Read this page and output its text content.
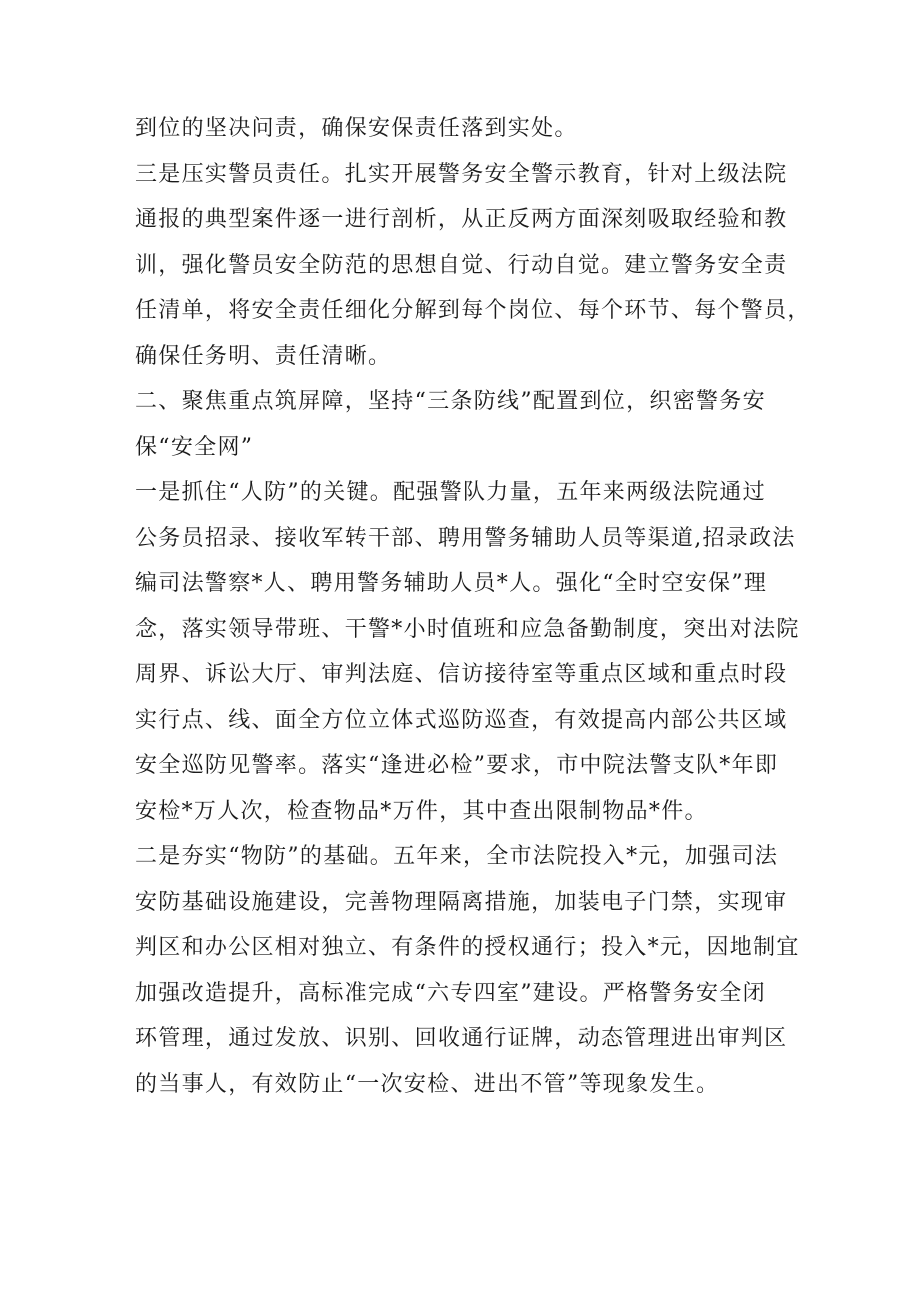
到位的坚决问责，确保安保责任落到实处。
三是压实警员责任。扎实开展警务安全警示教育，针对上级法院
通报的典型案件逐一进行剖析，从正反两方面深刻吸取经验和教
训，强化警员安全防范的思想自觉、行动自觉。建立警务安全责
任清单，将安全责任细化分解到每个岗位、每个环节、每个警员，
确保任务明、责任清晰。
二、聚焦重点筑屏障，坚持“三条防线”配置到位，织密警务安
保“安全网”
一是抓住“人防”的关键。配强警队力量，五年来两级法院通过
公务员招录、接收军转干部、聘用警务辅助人员等渠道,招录政法
编司法警察*人、聘用警务辅助人员*人。强化“全时空安保”理
念，落实领导带班、干警*小时值班和应急备勤制度，突出对法院
周界、诉讼大厅、审判法庭、信访接待室等重点区域和重点时段
实行点、线、面全方位立体式巡防巡查，有效提高内部公共区域
安全巡防见警率。落实“逢进必检”要求，市中院法警支队*年即
安检*万人次，检查物品*万件，其中查出限制物品*件。
二是夯实“物防”的基础。五年来，全市法院投入*元，加强司法
安防基础设施建设，完善物理隔离措施，加装电子门禁，实现审
判区和办公区相对独立、有条件的授权通行；投入*元，因地制宜
加强改造提升，高标准完成“六专四室”建设。严格警务安全闭
环管理，通过发放、识别、回收通行证牌，动态管理进出审判区
的当事人，有效防止“一次安检、进出不管”等现象发生。
